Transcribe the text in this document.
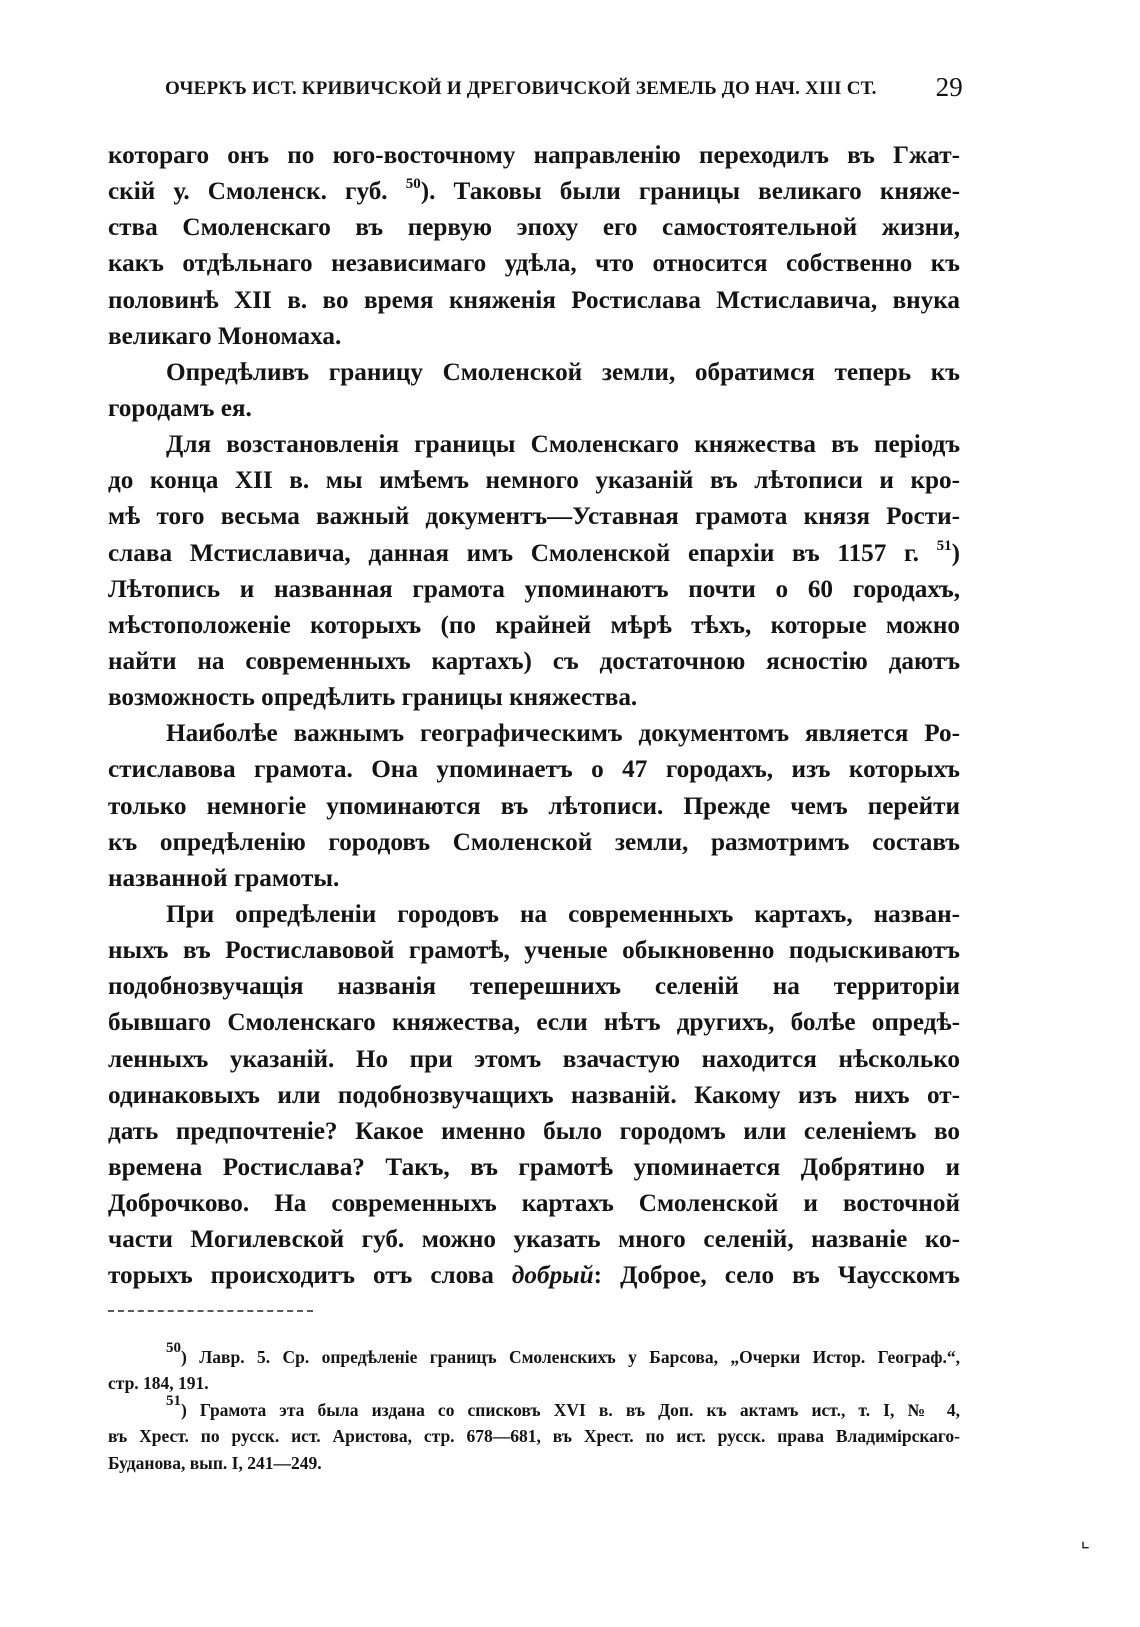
ОЧЕРКЪ ИСТ. КРИВИЧСКОЙ И ДРЕГОВИЧСКОЙ ЗЕМЕЛЬ ДО НАЧ. XIII СТ. 29
котораго онъ по юго-восточному направленію переходилъ въ Гжат-
скій у. Смоленск. губ. $^{50}$). Таковы были границы великаго княже-
ства Смоленскаго въ первую эпоху его самостоятельной жизни,
какъ отдѣльнаго независимаго удѣла, что относится собственно къ
половинѣ XII в. во время княженія Ростислава Мстиславича, внука
великаго Мономаха.
Опредѣливъ границу Смоленской земли, обратимся теперь къ
городамъ ея.
Для возстановленія границы Смоленскаго княжества въ періодъ
до конца XII в. мы имѣемъ немного указаній въ лѣтописи и кро-
мѣ того весьма важный документъ—Уставная грамота князя Рости-
слава Мстиславича, данная имъ Смоленской епархіи въ 1157 г. $^{51}$)
Лѣтопись и названная грамота упоминаютъ почти о 60 городахъ,
мѣстоположеніе которыхъ (по крайней мѣрѣ тѣхъ, которые можно
найти на современныхъ картахъ) съ достаточною ясностію даютъ
возможность опредѣлить границы княжества.
Наиболѣе важнымъ географическимъ документомъ является Ро-
стиславова грамота. Она упоминаетъ о 47 городахъ, изъ которыхъ
только немногіе упоминаются въ лѣтописи. Прежде чемъ перейти
къ опредѣленію городовъ Смоленской земли, размотримъ составъ
названной грамоты.
При опредѣленіи городовъ на современныхъ картахъ, назван-
ныхъ въ Ростиславовой грамотѣ, ученые обыкновенно подыскиваютъ
подобнозвучащія названія теперешнихъ селеній на территоріи
бывшаго Смоленскаго княжества, если нѣтъ другихъ, болѣе опредѣ-
ленныхъ указаній. Но при этомъ взачастую находится нѣсколько
одинаковыхъ или подобнозвучащихъ названій. Какому изъ нихъ от-
дать предпочтеніе? Какое именно было городомъ или селеніемъ во
времена Ростислава? Такъ, въ грамотѣ упоминается Добрятино и
Доброчково. На современныхъ картахъ Смоленской и восточной
части Могилевской губ. можно указать много селеній, названіе ко-
торыхъ происходитъ отъ слова добрый: Доброе, село въ Чаусскомъ
50) Лавр. 5. Ср. опредѣленіе границъ Смоленскихъ у Барсова, „Очерки Истор. Географ.“,
стр. 184, 191.
51) Грамота эта была издана со списковъ XVI в. въ Доп. къ актамъ ист., т. I, № 4,
въ Хрест. по русск. ист. Аристова, стр. 678—681, въ Хрест. по ист. русск. права Владимірскаго-
Буданова, вып. I, 241—249.
⌞
